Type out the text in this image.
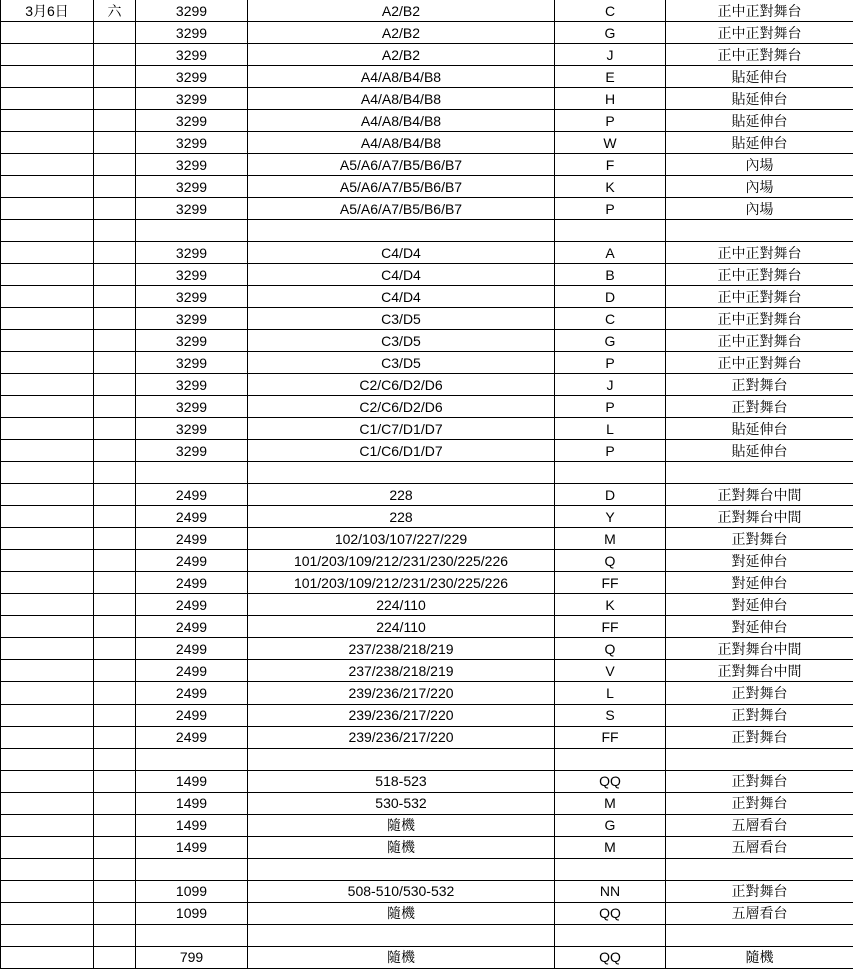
3月6日	六	3299	A2/B2	C	正中正對舞台
		3299	A2/B2	G	正中正對舞台
		3299	A2/B2	J	正中正對舞台
		3299	A4/A8/B4/B8	E	貼延伸台
		3299	A4/A8/B4/B8	H	貼延伸台
		3299	A4/A8/B4/B8	P	貼延伸台
		3299	A4/A8/B4/B8	W	貼延伸台
		3299	A5/A6/A7/B5/B6/B7	F	內場
		3299	A5/A6/A7/B5/B6/B7	K	內場
		3299	A5/A6/A7/B5/B6/B7	P	內場

		3299	C4/D4	A	正中正對舞台
		3299	C4/D4	B	正中正對舞台
		3299	C4/D4	D	正中正對舞台
		3299	C3/D5	C	正中正對舞台
		3299	C3/D5	G	正中正對舞台
		3299	C3/D5	P	正中正對舞台
		3299	C2/C6/D2/D6	J	正對舞台
		3299	C2/C6/D2/D6	P	正對舞台
		3299	C1/C7/D1/D7	L	貼延伸台
		3299	C1/C6/D1/D7	P	貼延伸台

		2499	228	D	正對舞台中間
		2499	228	Y	正對舞台中間
		2499	102/103/107/227/229	M	正對舞台
		2499	101/203/109/212/231/230/225/226	Q	對延伸台
		2499	101/203/109/212/231/230/225/226	FF	對延伸台
		2499	224/110	K	對延伸台
		2499	224/110	FF	對延伸台
		2499	237/238/218/219	Q	正對舞台中間
		2499	237/238/218/219	V	正對舞台中間
		2499	239/236/217/220	L	正對舞台
		2499	239/236/217/220	S	正對舞台
		2499	239/236/217/220	FF	正對舞台

		1499	518-523	QQ	正對舞台
		1499	530-532	M	正對舞台
		1499	隨機	G	五層看台
		1499	隨機	M	五層看台

		1099	508-510/530-532	NN	正對舞台
		1099	隨機	QQ	五層看台

		799	隨機	QQ	隨機
